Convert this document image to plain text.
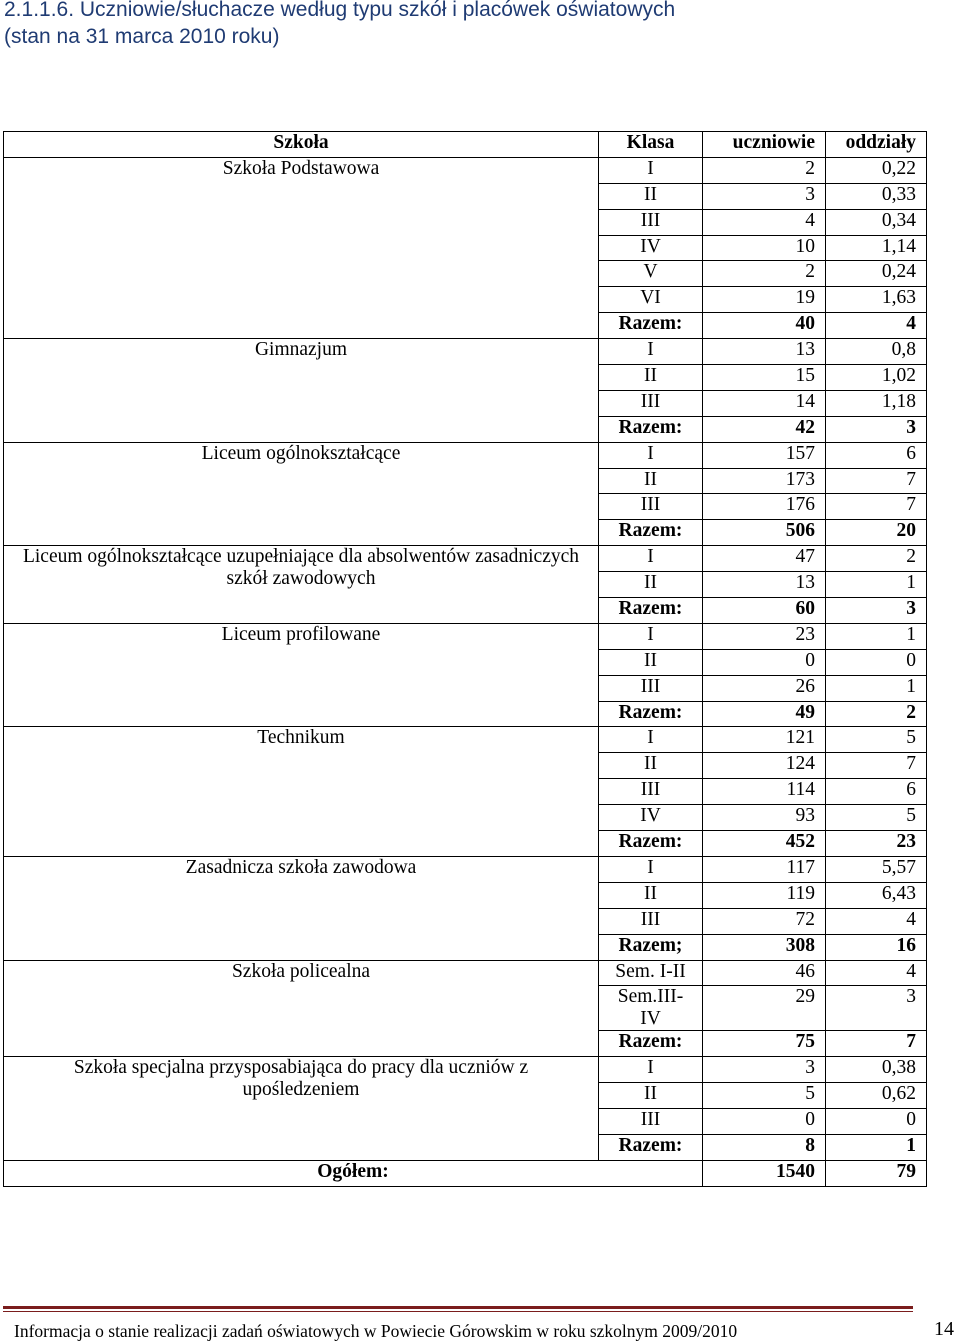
2.1.1.6. Uczniowie/słuchacze według typu szkół i placówek oświatowych
(stan na 31 marca 2010 roku)
Szkoła	Klasa	uczniowie	oddziały
Szkoła Podstawowa	I	2	0,22
	II	3	0,33
	III	4	0,34
	IV	10	1,14
	V	2	0,24
	VI	19	1,63
	Razem:	40	4
Gimnazjum	I	13	0,8
	II	15	1,02
	III	14	1,18
	Razem:	42	3
Liceum ogólnokształcące	I	157	6
	II	173	7
	III	176	7
	Razem:	506	20
Liceum ogólnokształcące uzupełniające dla absolwentów zasadniczych szkół zawodowych	I	47	2
	II	13	1
	Razem:	60	3
Liceum profilowane	I	23	1
	II	0	0
	III	26	1
	Razem:	49	2
Technikum	I	121	5
	II	124	7
	III	114	6
	IV	93	5
	Razem:	452	23
Zasadnicza szkoła zawodowa	I	117	5,57
	II	119	6,43
	III	72	4
	Razem;	308	16
Szkoła policealna	Sem. I-II	46	4
	Sem.III-IV	29	3
	Razem:	75	7
Szkoła specjalna przysposabiająca do pracy dla uczniów z upośledzeniem	I	3	0,38
	II	5	0,62
	III	0	0
	Razem:	8	1
Ogółem:		1540	79
Informacja o stanie realizacji zadań oświatowych w Powiecie Górowskim w roku szkolnym 2009/2010	14
